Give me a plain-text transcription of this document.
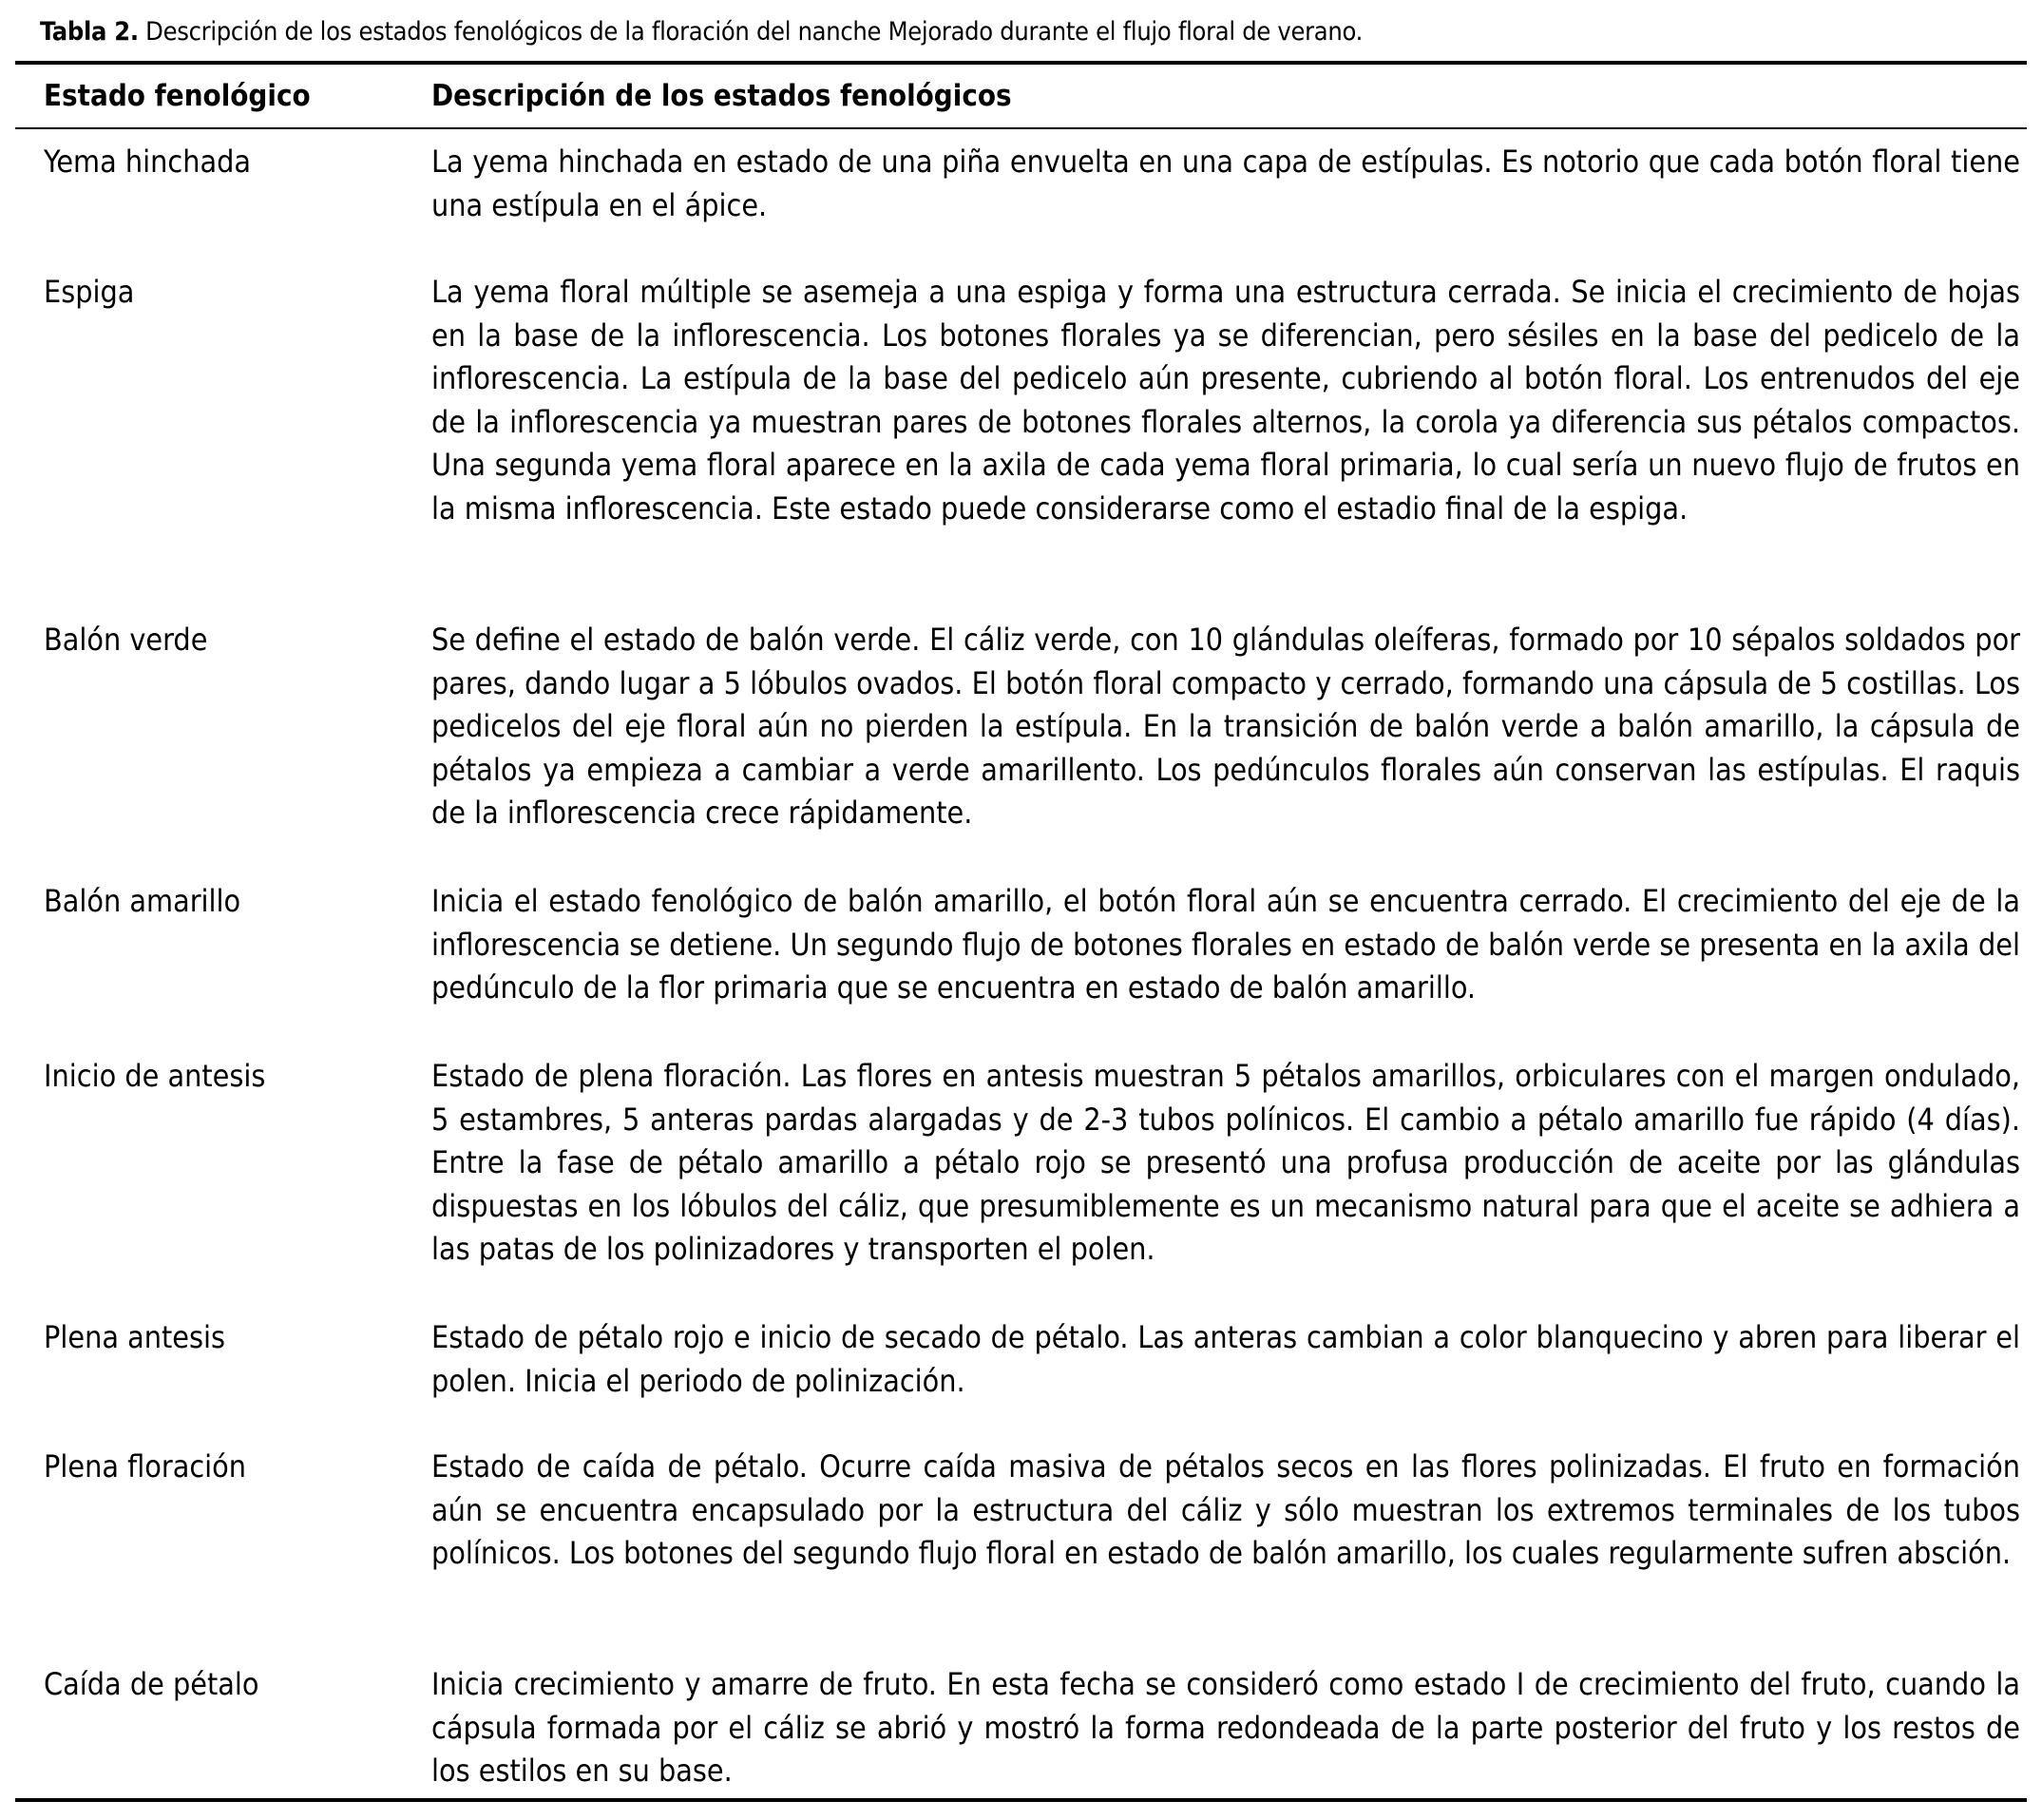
Tabla 2. Descripción de los estados fenológicos de la floración del nanche Mejorado durante el flujo floral de verano.
Estado fenológico	Descripción de los estados fenológicos
Yema hinchada	La yema hinchada en estado de una piña envuelta en una capa de estípulas. Es notorio que cada botón floral tiene una estípula en el ápice.
Espiga	La yema floral múltiple se asemeja a una espiga y forma una estructura cerrada. Se inicia el crecimiento de hojas en la base de la inflorescencia. Los botones florales ya se diferencian, pero sésiles en la base del pedicelo de la inflorescencia. La estípula de la base del pedicelo aún presente, cubriendo al botón floral. Los entrenudos del eje de la inflorescencia ya muestran pares de botones florales alternos, la corola ya diferencia sus pétalos compactos. Una segunda yema floral aparece en la axila de cada yema floral primaria, lo cual sería un nuevo flujo de frutos en la misma inflorescencia. Este estado puede considerarse como el estadio final de la espiga.
Balón verde	Se define el estado de balón verde. El cáliz verde, con 10 glándulas oleíferas, formado por 10 sépalos soldados por pares, dando lugar a 5 lóbulos ovados. El botón floral compacto y cerrado, formando una cápsula de 5 costillas. Los pedicelos del eje floral aún no pierden la estípula. En la transición de balón verde a balón amarillo, la cápsula de pétalos ya empieza a cambiar a verde amarillento. Los pedúnculos florales aún conservan las estípulas. El raquis de la inflorescencia crece rápidamente.
Balón amarillo	Inicia el estado fenológico de balón amarillo, el botón floral aún se encuentra cerrado. El crecimiento del eje de la inflorescencia se detiene. Un segundo flujo de botones florales en estado de balón verde se presenta en la axila del pedúnculo de la flor primaria que se encuentra en estado de balón amarillo.
Inicio de antesis	Estado de plena floración. Las flores en antesis muestran 5 pétalos amarillos, orbiculares con el margen ondulado, 5 estambres, 5 anteras pardas alargadas y de 2-3 tubos polínicos. El cambio a pétalo amarillo fue rápido (4 días). Entre la fase de pétalo amarillo a pétalo rojo se presentó una profusa producción de aceite por las glándulas dispuestas en los lóbulos del cáliz, que presumiblemente es un mecanismo natural para que el aceite se adhiera a las patas de los polinizadores y transporten el polen.
Plena antesis	Estado de pétalo rojo e inicio de secado de pétalo. Las anteras cambian a color blanquecino y abren para liberar el polen. Inicia el periodo de polinización.
Plena floración	Estado de caída de pétalo. Ocurre caída masiva de pétalos secos en las flores polinizadas. El fruto en formación aún se encuentra encapsulado por la estructura del cáliz y sólo muestran los extremos terminales de los tubos polínicos. Los botones del segundo flujo floral en estado de balón amarillo, los cuales regularmente sufren absción.
Caída de pétalo	Inicia crecimiento y amarre de fruto. En esta fecha se consideró como estado I de crecimiento del fruto, cuando la cápsula formada por el cáliz se abrió y mostró la forma redondeada de la parte posterior del fruto y los restos de los estilos en su base.
